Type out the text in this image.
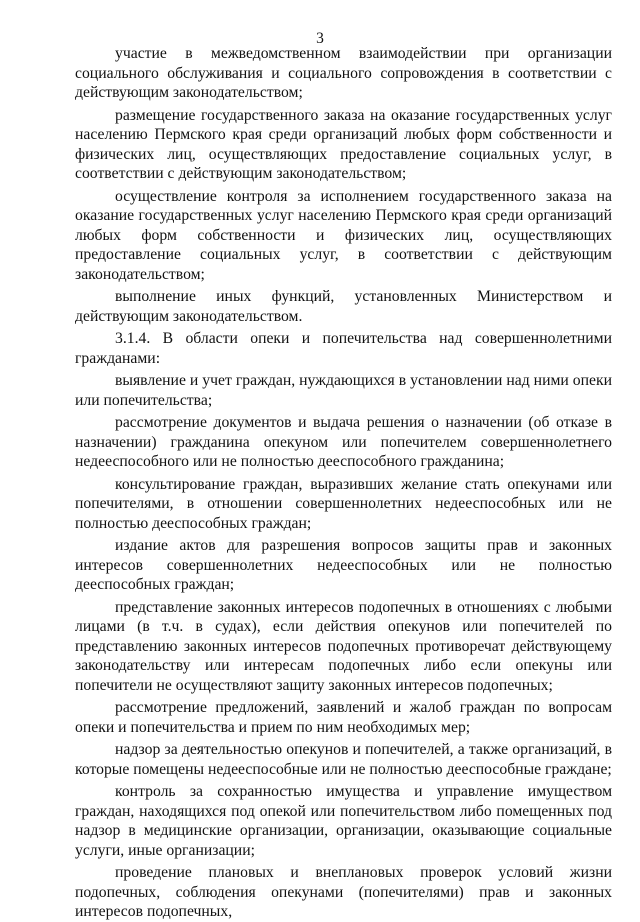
3

участие в межведомственном взаимодействии при организации социального обслуживания и социального сопровождения в соответствии с действующим законодательством;

размещение государственного заказа на оказание государственных услуг населению Пермского края среди организаций любых форм собственности и физических лиц, осуществляющих предоставление социальных услуг, в соответствии с действующим законодательством;

осуществление контроля за исполнением государственного заказа на оказание государственных услуг населению Пермского края среди организаций любых форм собственности и физических лиц, осуществляющих предоставление социальных услуг, в соответствии с действующим законодательством;

выполнение иных функций, установленных Министерством и действующим законодательством.

3.1.4. В области опеки и попечительства над совершеннолетними гражданами:

выявление и учет граждан, нуждающихся в установлении над ними опеки или попечительства;

рассмотрение документов и выдача решения о назначении (об отказе в назначении) гражданина опекуном или попечителем совершеннолетнего недееспособного или не полностью дееспособного гражданина;

консультирование граждан, выразивших желание стать опекунами или попечителями, в отношении совершеннолетних недееспособных или не полностью дееспособных граждан;

издание актов для разрешения вопросов защиты прав и законных интересов совершеннолетних недееспособных или не полностью дееспособных граждан;

представление законных интересов подопечных в отношениях с любыми лицами (в т.ч. в судах), если действия опекунов или попечителей по представлению законных интересов подопечных противоречат действующему законодательству или интересам подопечных либо если опекуны или попечители не осуществляют защиту законных интересов подопечных;

рассмотрение предложений, заявлений и жалоб граждан по вопросам опеки и попечительства и прием по ним необходимых мер;

надзор за деятельностью опекунов и попечителей, а также организаций, в которые помещены недееспособные или не полностью дееспособные граждане;

контроль за сохранностью имущества и управление имуществом граждан, находящихся под опекой или попечительством либо помещенных под надзор в медицинские организации, организации, оказывающие социальные услуги, иные организации;

проведение плановых и внеплановых проверок условий жизни подопечных, соблюдения опекунами (попечителями) прав и законных интересов подопечных,
